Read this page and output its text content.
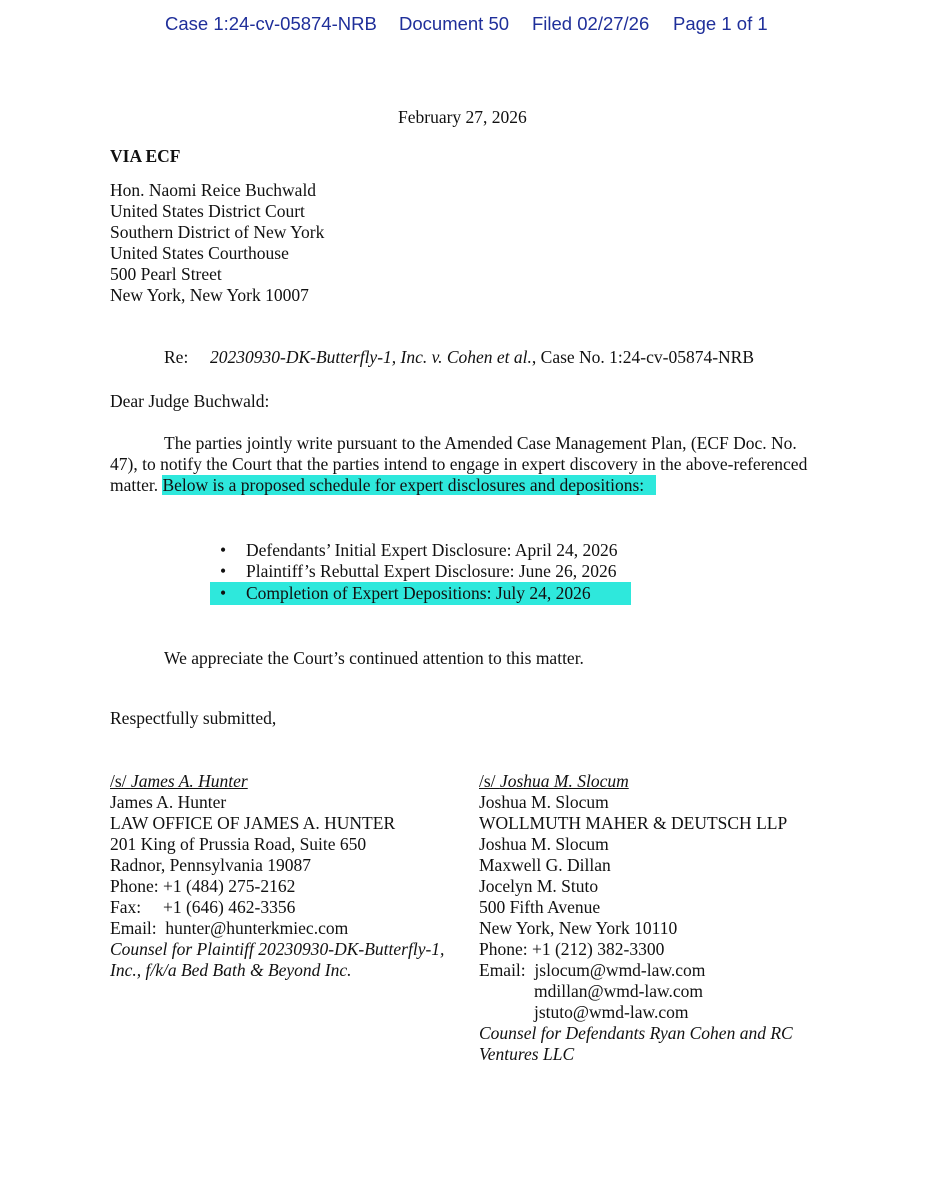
Case 1:24-cv-05874-NRB Document 50 Filed 02/27/26 Page 1 of 1
February 27, 2026
VIA ECF
Hon. Naomi Reice Buchwald
United States District Court
Southern District of New York
United States Courthouse
500 Pearl Street
New York, New York 10007
Re: 20230930-DK-Butterfly-1, Inc. v. Cohen et al., Case No. 1:24-cv-05874-NRB
Dear Judge Buchwald:
The parties jointly write pursuant to the Amended Case Management Plan, (ECF Doc. No.
47), to notify the Court that the parties intend to engage in expert discovery in the above-referenced
matter. Below is a proposed schedule for expert disclosures and depositions:
• Defendants’ Initial Expert Disclosure: April 24, 2026
• Plaintiff’s Rebuttal Expert Disclosure: June 26, 2026
• Completion of Expert Depositions: July 24, 2026
We appreciate the Court’s continued attention to this matter.
Respectfully submitted,
/s/ James A. Hunter
James A. Hunter
LAW OFFICE OF JAMES A. HUNTER
201 King of Prussia Road, Suite 650
Radnor, Pennsylvania 19087
Phone: +1 (484) 275-2162
Fax:     +1 (646) 462-3356
Email:  hunter@hunterkmiec.com
Counsel for Plaintiff 20230930-DK-Butterfly-1,
Inc., f/k/a Bed Bath & Beyond Inc.
/s/ Joshua M. Slocum
Joshua M. Slocum
WOLLMUTH MAHER & DEUTSCH LLP
Joshua M. Slocum
Maxwell G. Dillan
Jocelyn M. Stuto
500 Fifth Avenue
New York, New York 10110
Phone: +1 (212) 382-3300
Email:  jslocum@wmd-law.com
mdillan@wmd-law.com
jstuto@wmd-law.com
Counsel for Defendants Ryan Cohen and RC
Ventures LLC
